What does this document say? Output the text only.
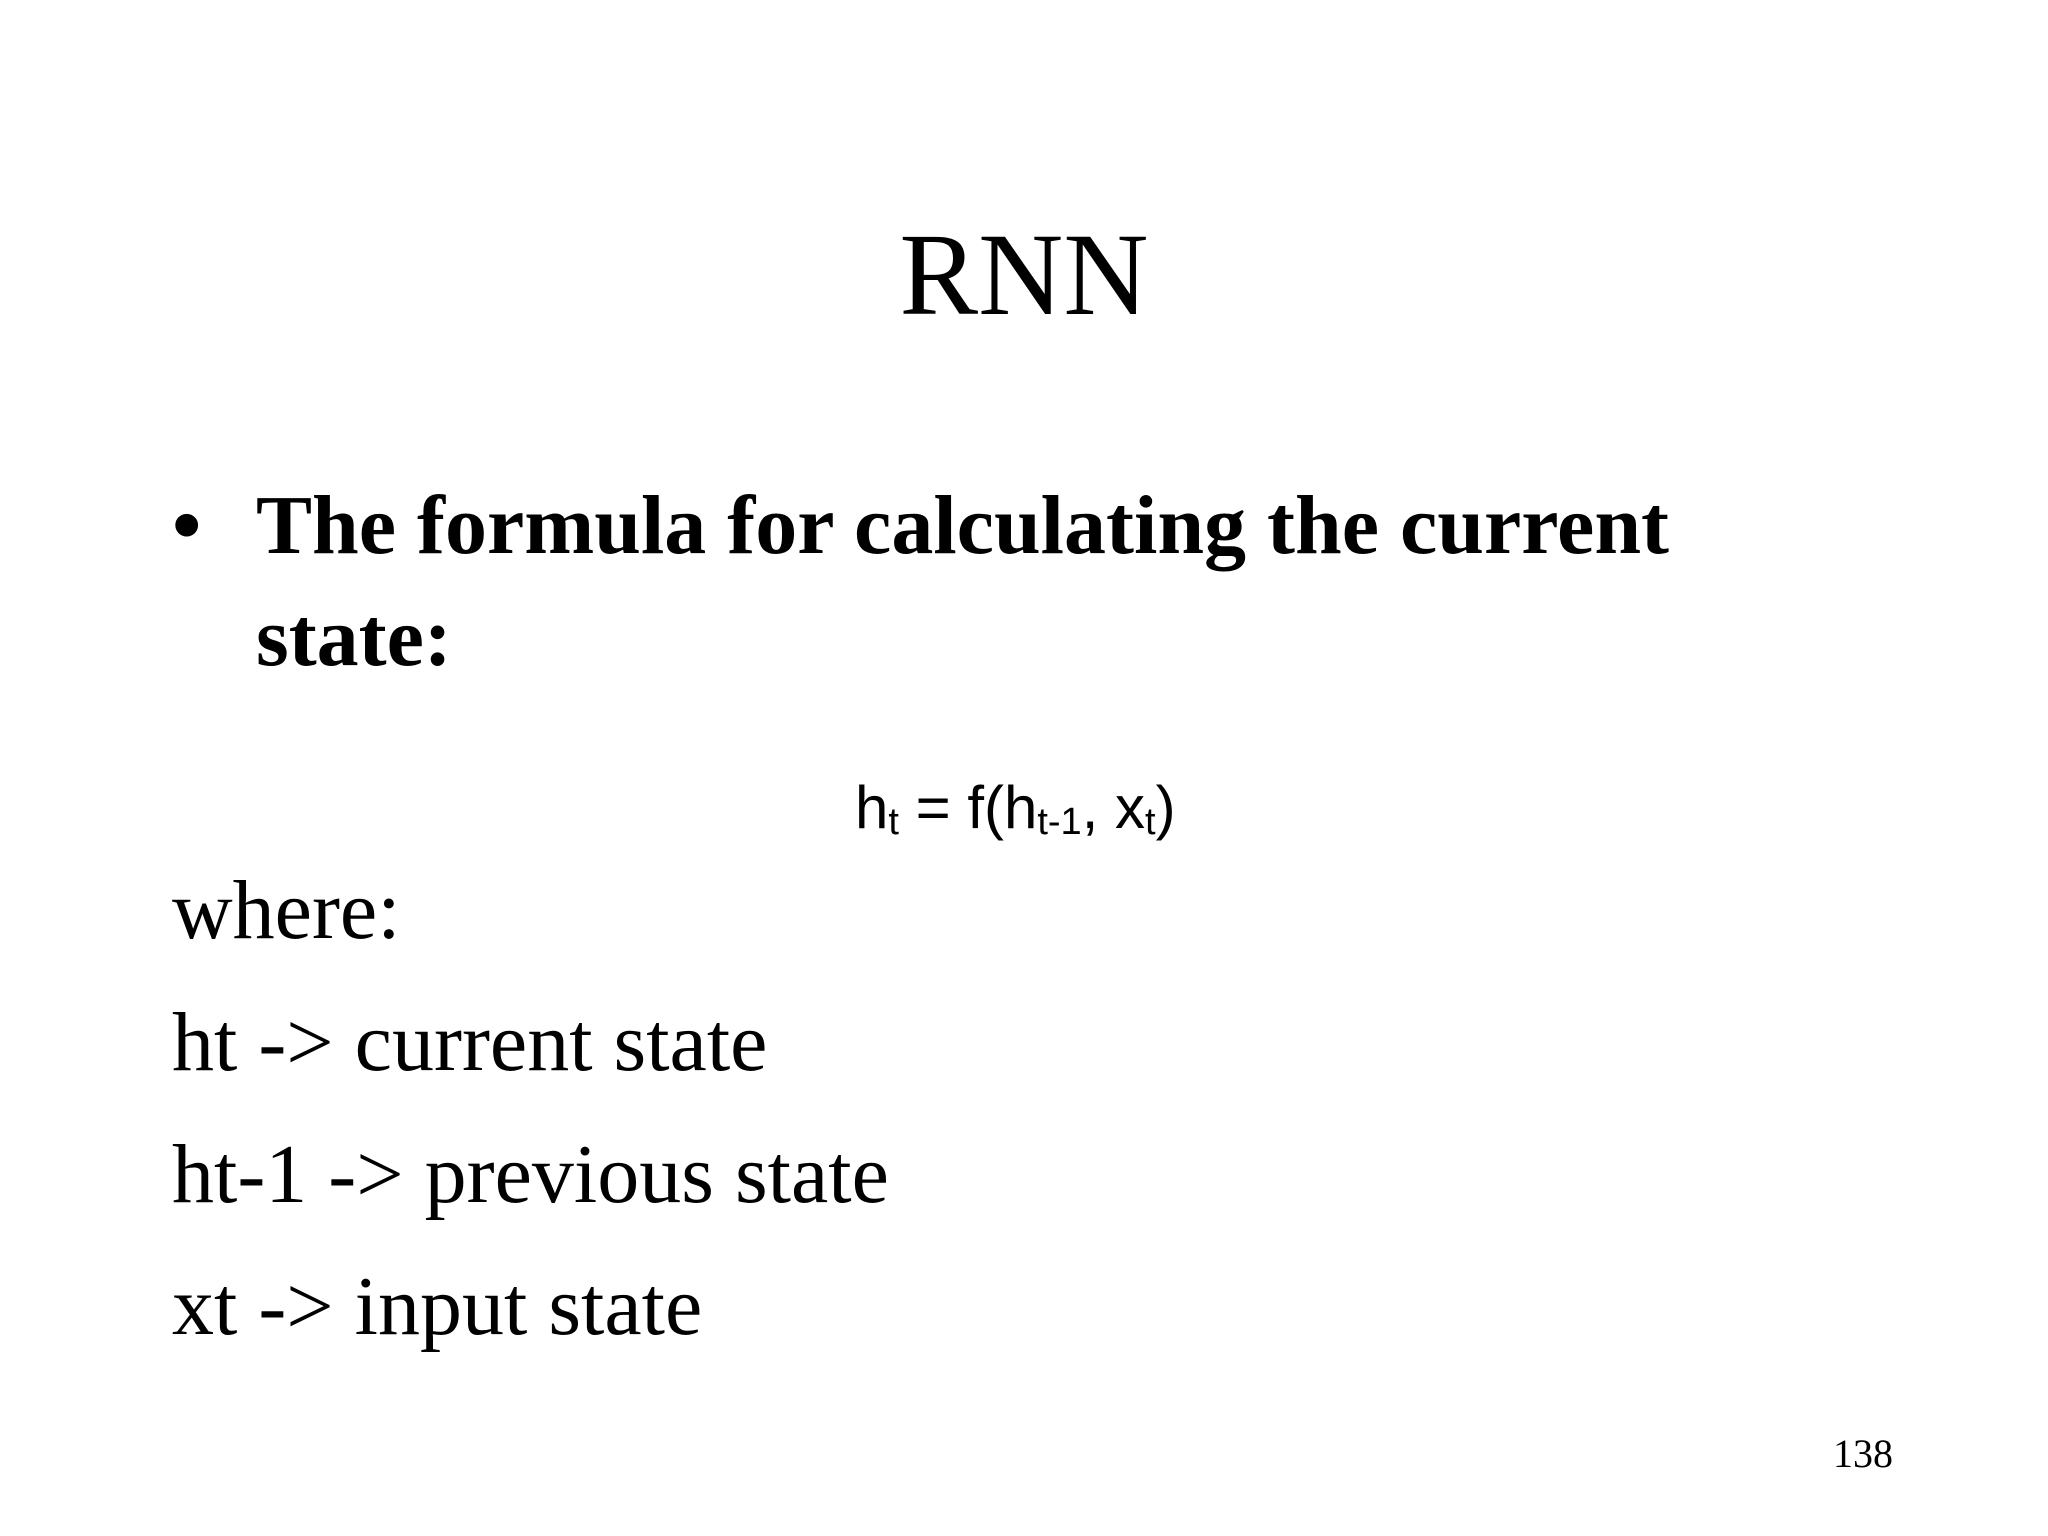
RNN
• The formula for calculating the current state:
$h_t = f(h_{t-1}$, $x_t$)
where:
ht -> current state
ht-1 -> previous state
xt -> input state
138
